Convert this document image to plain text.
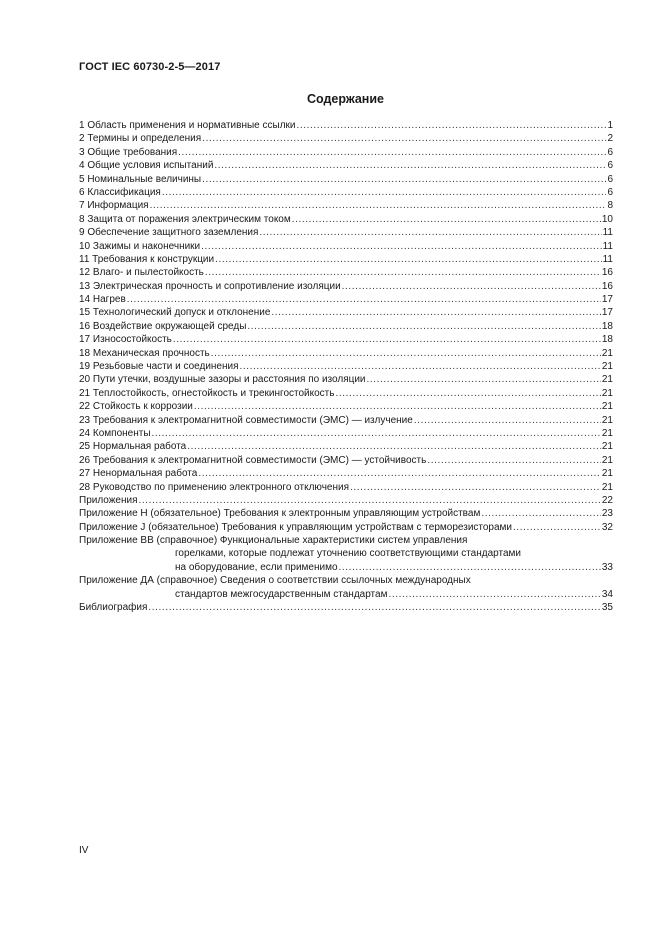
ГОСТ IEC 60730-2-5—2017
Содержание
1 Область применения и нормативные ссылки .....	1
2 Термины и определения .....	2
3 Общие требования .....	6
4 Общие условия испытаний .....	6
5 Номинальные величины .....	6
6 Классификация .....	6
7 Информация .....	8
8 Защита от поражения электрическим током .....	10
9 Обеспечение защитного заземления .....	11
10 Зажимы и наконечники .....	11
11 Требования к конструкции .....	11
12 Влаго- и пылестойкость .....	16
13 Электрическая прочность и сопротивление изоляции .....	16
14 Нагрев .....	17
15 Технологический допуск и отклонение .....	17
16 Воздействие окружающей среды .....	18
17 Износостойкость .....	18
18 Механическая прочность .....	21
19 Резьбовые части и соединения .....	21
20 Пути утечки, воздушные зазоры и расстояния по изоляции .....	21
21 Теплостойкость, огнестойкость и трекингостойкость .....	21
22 Стойкость к коррозии .....	21
23 Требования к электромагнитной совместимости (ЭМС) — излучение .....	21
24 Компоненты .....	21
25 Нормальная работа .....	21
26 Требования к электромагнитной совместимости (ЭМС) — устойчивость .....	21
27 Ненормальная работа .....	21
28 Руководство по применению электронного отключения .....	21
Приложения .....	22
Приложение Н (обязательное) Требования к электронным управляющим устройствам .....	23
Приложение J (обязательное) Требования к управляющим устройствам с терморезисторами .....	32
Приложение ВВ (справочное) Функциональные характеристики систем управления
горелками, которые подлежат уточнению соответствующими стандартами
на оборудование, если применимо .....	33
Приложение ДА (справочное) Сведения о соответствии ссылочных международных
стандартов межгосударственным стандартам .....	34
Библиография .....	35
IV
